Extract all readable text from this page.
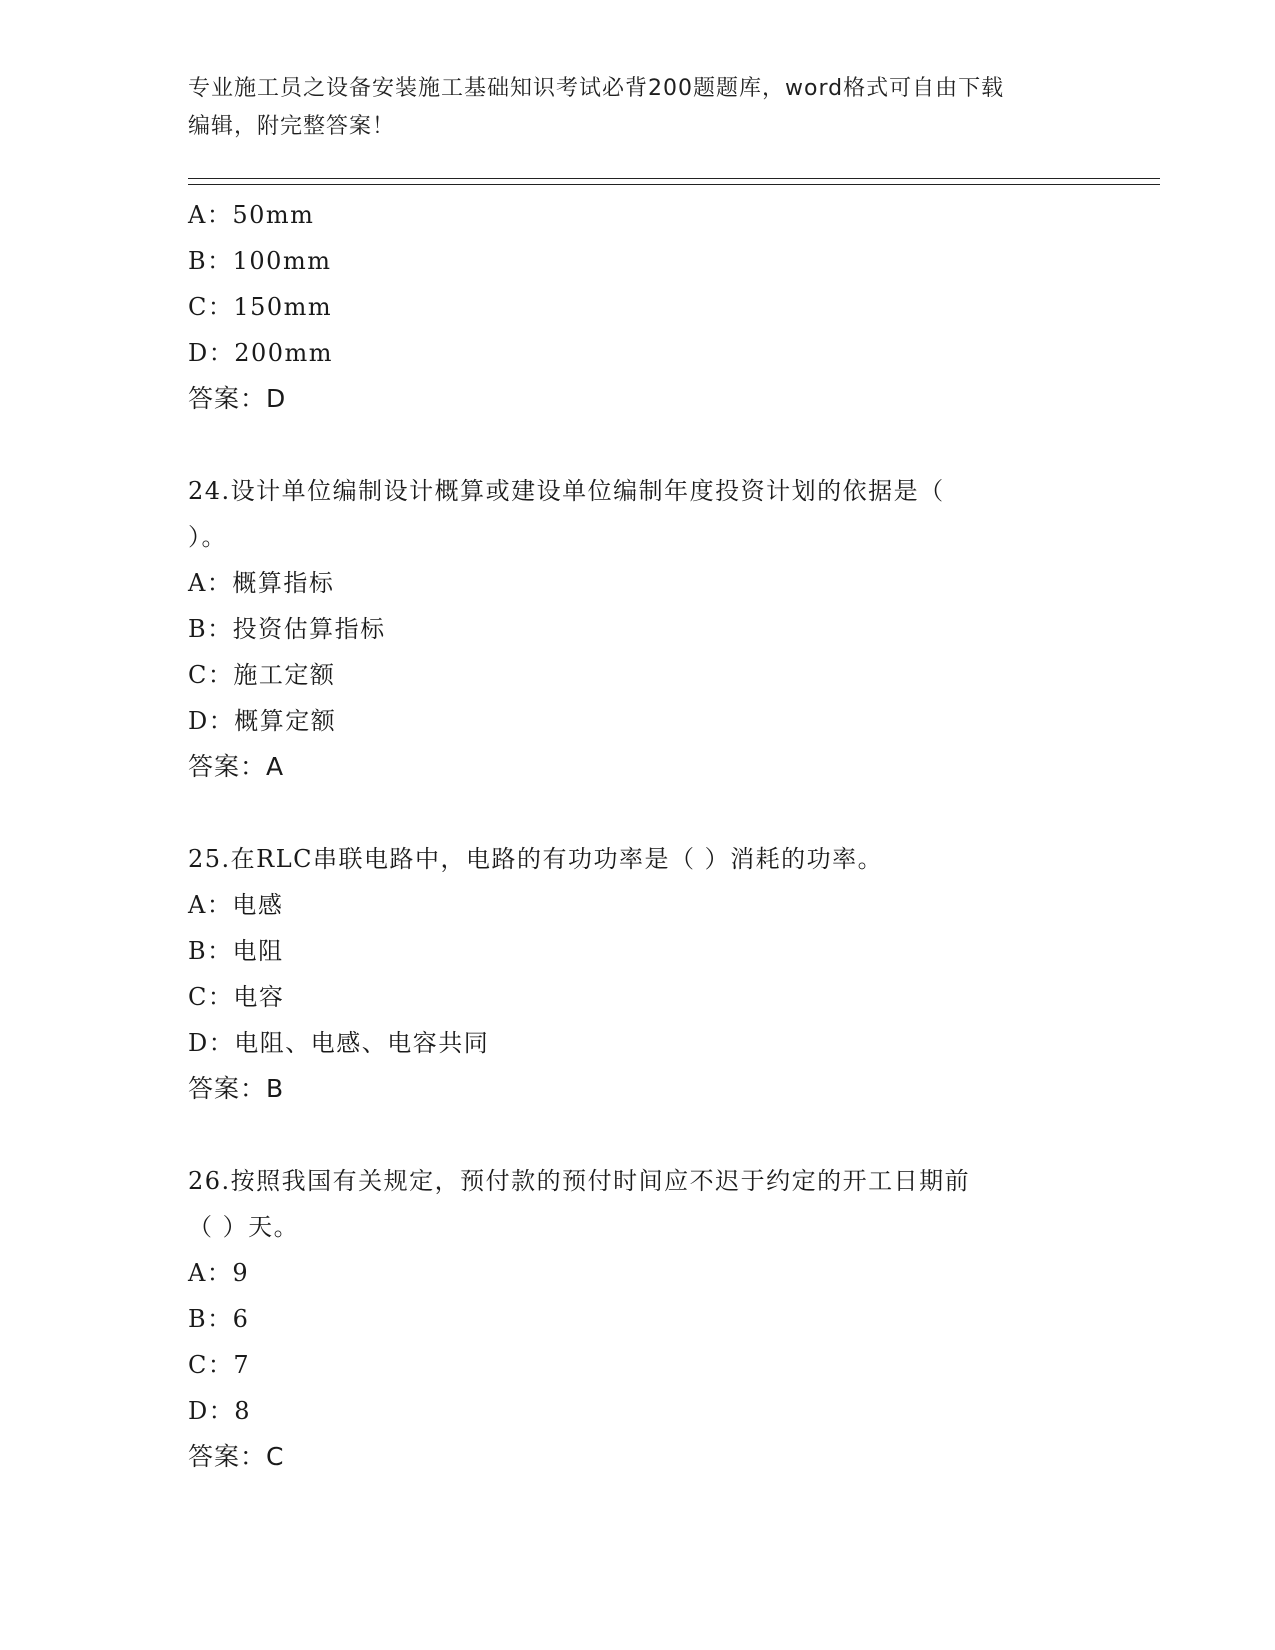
专业施工员之设备安装施工基础知识考试必背200题题库，word格式可自由下载
编辑，附完整答案！
A：50mm
B：100mm
C：150mm
D：200mm
答案：D
24.设计单位编制设计概算或建设单位编制年度投资计划的依据是（
）。
A：概算指标
B：投资估算指标
C：施工定额
D：概算定额
答案：A
25.在RLC串联电路中，电路的有功功率是（ ）消耗的功率。
A：电感
B：电阻
C：电容
D：电阻、电感、电容共同
答案：B
26.按照我国有关规定，预付款的预付时间应不迟于约定的开工日期前
（ ）天。
A：9
B：6
C：7
D：8
答案：C
